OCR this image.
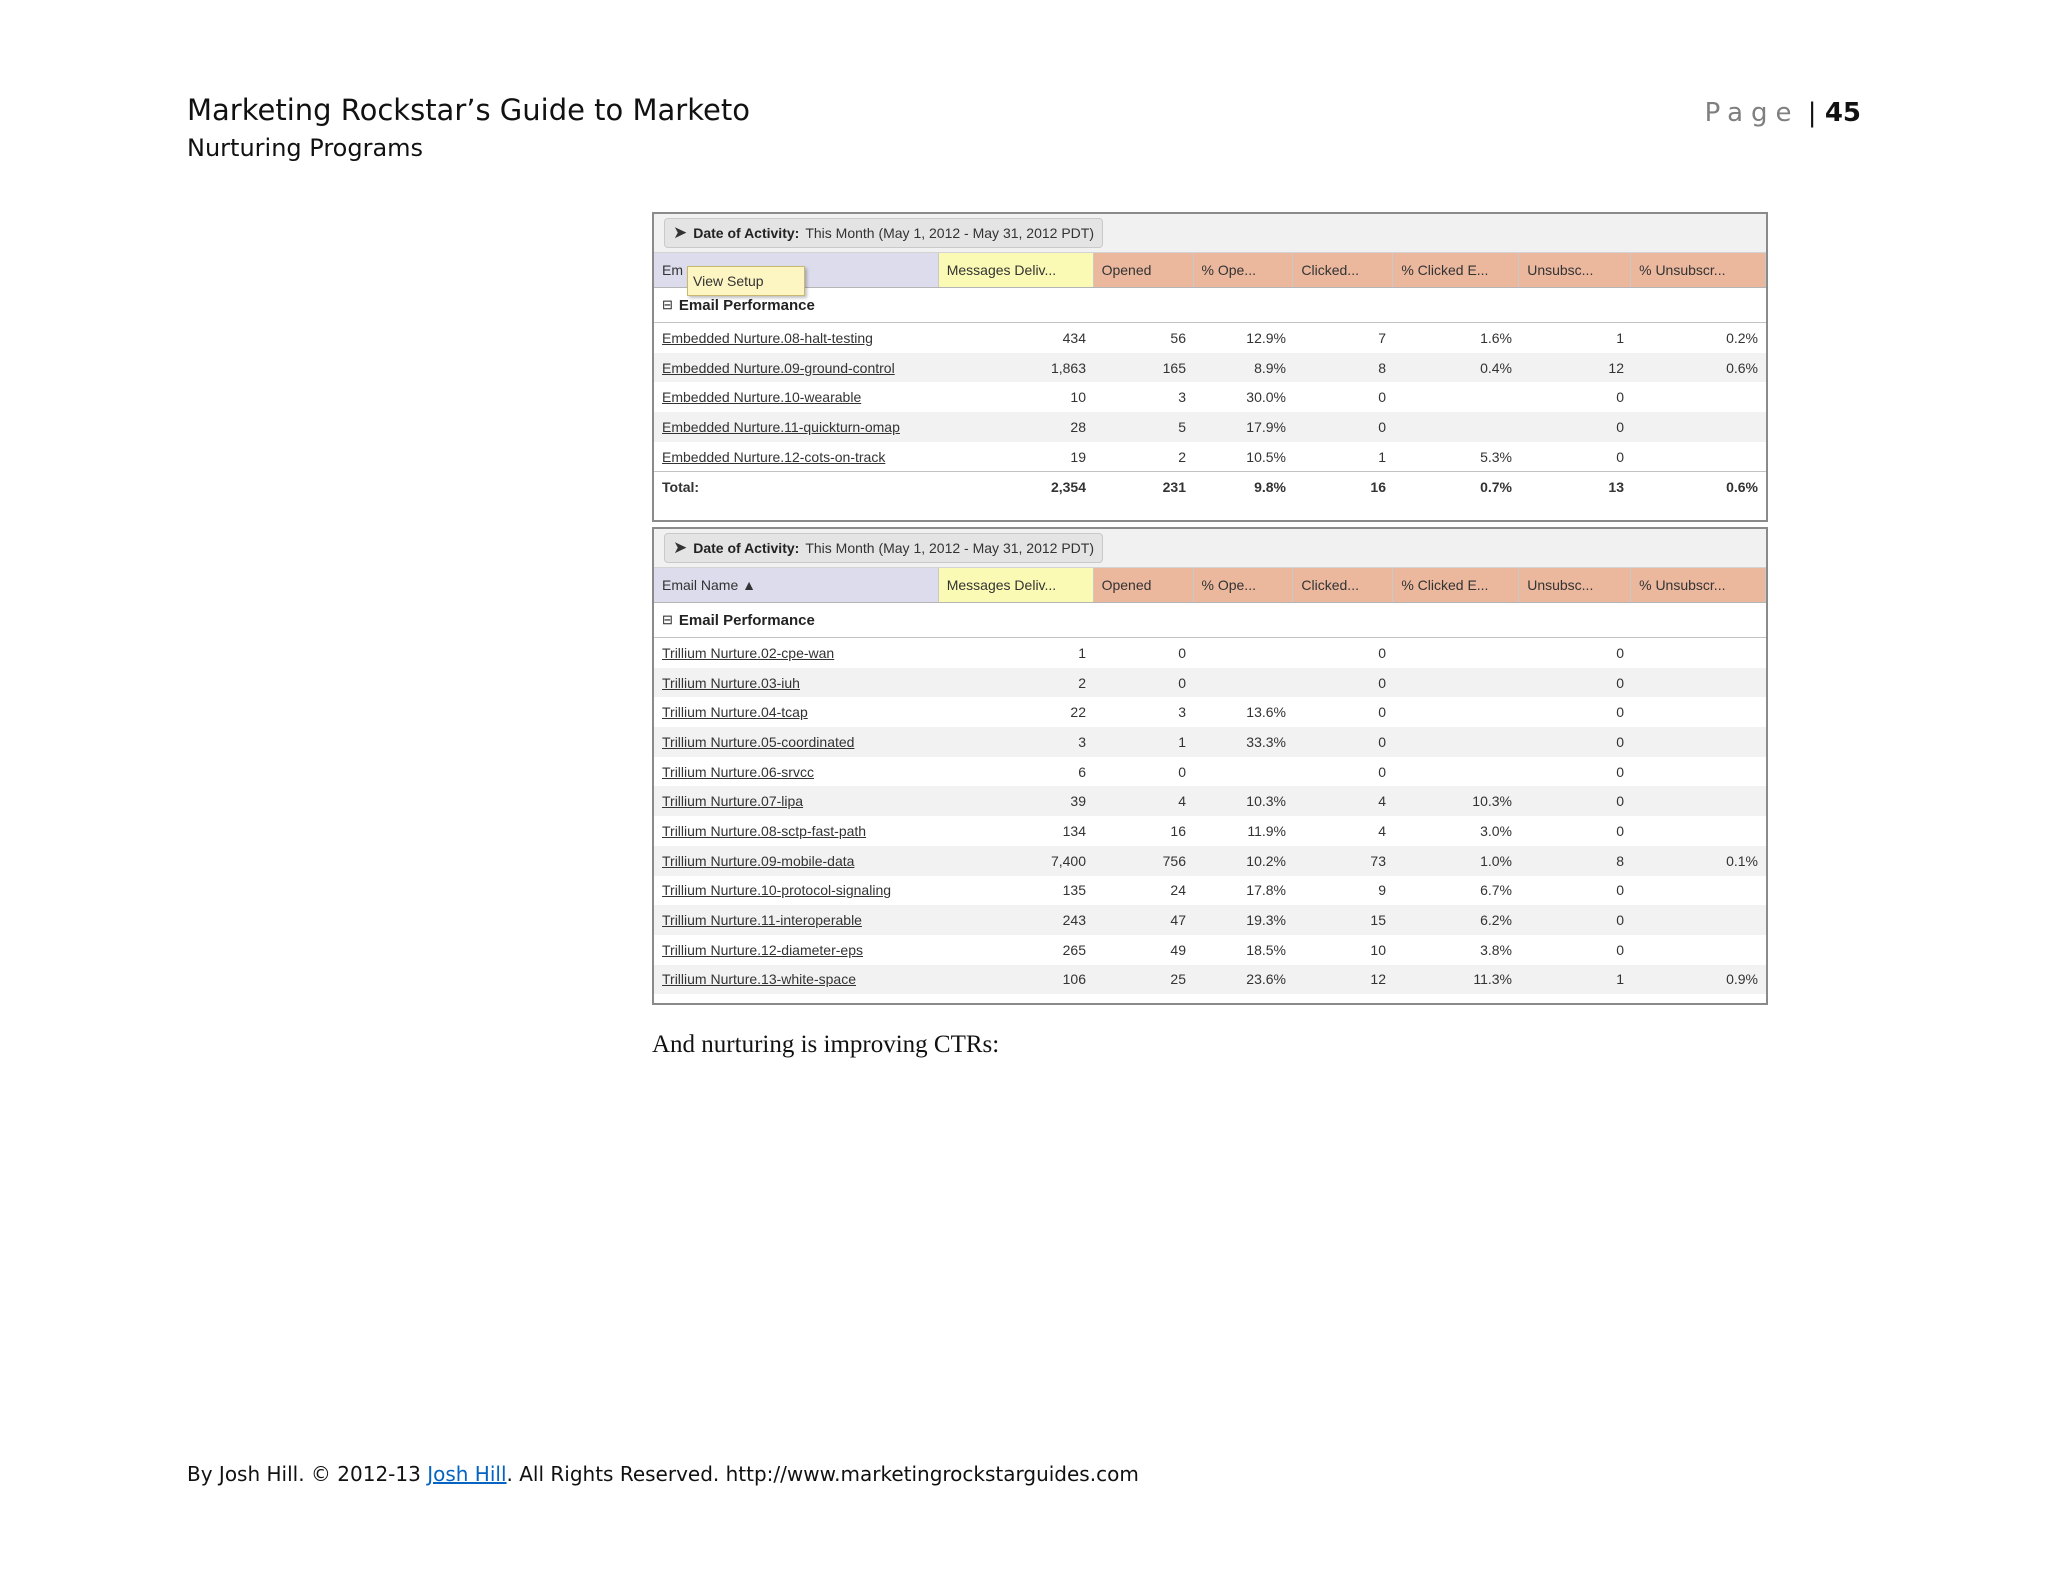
Marketing Rockstar’s Guide to Marketo
Nurturing Programs
Page | 45
➤ Date of Activity: This Month (May 1, 2012 - May 31, 2012 PDT)
Em	Messages Deliv...	Opened	% Ope...	Clicked...	% Clicked E...	Unsubsc...	% Unsubscr...
⊟ Email Performance
Embedded Nurture.08-halt-testing	434	56	12.9%	7	1.6%	1	0.2%
Embedded Nurture.09-ground-control	1,863	165	8.9%	8	0.4%	12	0.6%
Embedded Nurture.10-wearable	10	3	30.0%	0		0	
Embedded Nurture.11-quickturn-omap	28	5	17.9%	0		0	
Embedded Nurture.12-cots-on-track	19	2	10.5%	1	5.3%	0	
Total:	2,354	231	9.8%	16	0.7%	13	0.6%
View Setup
➤ Date of Activity: This Month (May 1, 2012 - May 31, 2012 PDT)
Email Name ▲	Messages Deliv...	Opened	% Ope...	Clicked...	% Clicked E...	Unsubsc...	% Unsubscr...
⊟ Email Performance
Trillium Nurture.02-cpe-wan	1	0		0		0	
Trillium Nurture.03-iuh	2	0		0		0	
Trillium Nurture.04-tcap	22	3	13.6%	0		0	
Trillium Nurture.05-coordinated	3	1	33.3%	0		0	
Trillium Nurture.06-srvcc	6	0		0		0	
Trillium Nurture.07-lipa	39	4	10.3%	4	10.3%	0	
Trillium Nurture.08-sctp-fast-path	134	16	11.9%	4	3.0%	0	
Trillium Nurture.09-mobile-data	7,400	756	10.2%	73	1.0%	8	0.1%
Trillium Nurture.10-protocol-signaling	135	24	17.8%	9	6.7%	0	
Trillium Nurture.11-interoperable	243	47	19.3%	15	6.2%	0	
Trillium Nurture.12-diameter-eps	265	49	18.5%	10	3.8%	0	
Trillium Nurture.13-white-space	106	25	23.6%	12	11.3%	1	0.9%
And nurturing is improving CTRs:
By Josh Hill. © 2012-13 Josh Hill. All Rights Reserved. http://www.marketingrockstarguides.com
